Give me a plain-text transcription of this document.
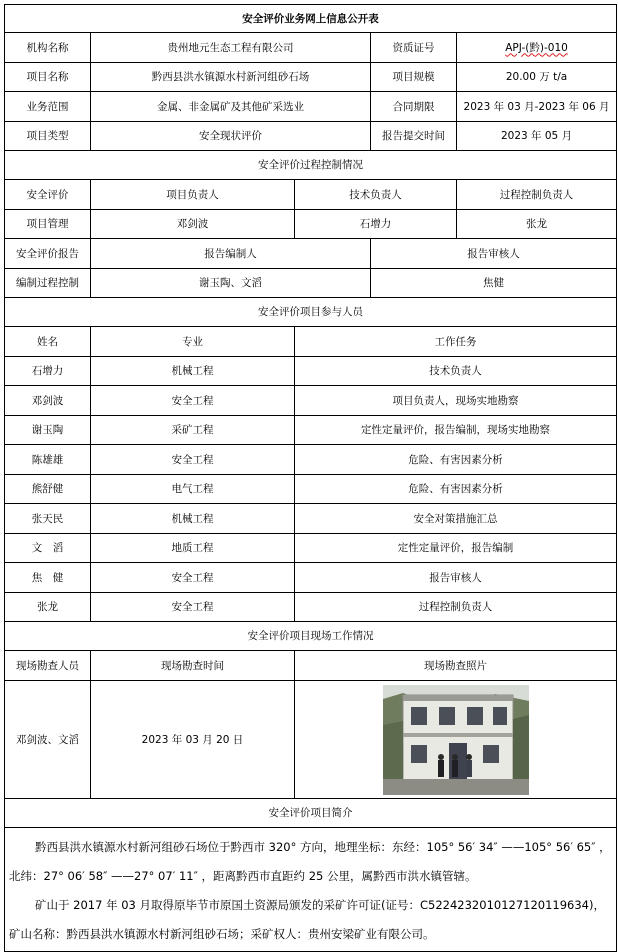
安全评价业务网上信息公开表				
机构名称	贵州地元生态工程有限公司		资质证号	APJ-(黔)-010
项目名称	黔西县洪水镇源水村新河组砂石场		项目规模	20.00 万 t/a
业务范围	金属、非金属矿及其他矿采选业		合同期限	2023 年 03 月-2023 年 06 月
项目类型	安全现状评价		报告提交时间	2023 年 05 月
安全评价过程控制情况				
安全评价	项目负责人	技术负责人		过程控制负责人
项目管理	邓剑波	石增力		张龙
安全评价报告	报告编制人		报告审核人	
编制过程控制	谢玉陶、文滔		焦健	
安全评价项目参与人员				
姓名	专业	工作任务		
石增力	机械工程	技术负责人		
邓剑波	安全工程	项目负责人，现场实地勘察		
谢玉陶	采矿工程	定性定量评价，报告编制，现场实地勘察		
陈雄雄	安全工程	危险、有害因素分析		
熊舒健	电气工程	危险、有害因素分析		
张天民	机械工程	安全对策措施汇总		
文　滔	地质工程	定性定量评价，报告编制		
焦　健	安全工程	报告审核人		
张龙	安全工程	过程控制负责人		
安全评价项目现场工作情况				
现场勘查人员	现场勘查时间	现场勘查照片		
邓剑波、文滔	2023 年 03 月 20 日	
安全评价项目简介				

黔西县洪水镇源水村新河组砂石场位于黔西市 320° 方向，地理坐标：东经：105° 56′ 34″ ——105° 56′ 65″ ，北纬：27° 06′ 58″ ——27° 07′ 11″ ，距离黔西市直距约 25 公里，属黔西市洪水镇管辖。

矿山于 2017 年 03 月取得原毕节市原国土资源局颁发的采矿许可证(证号：C5224232010127120119634)，矿山名称：黔西县洪水镇源水村新河组砂石场；采矿权人：贵州安梁矿业有限公司。				
